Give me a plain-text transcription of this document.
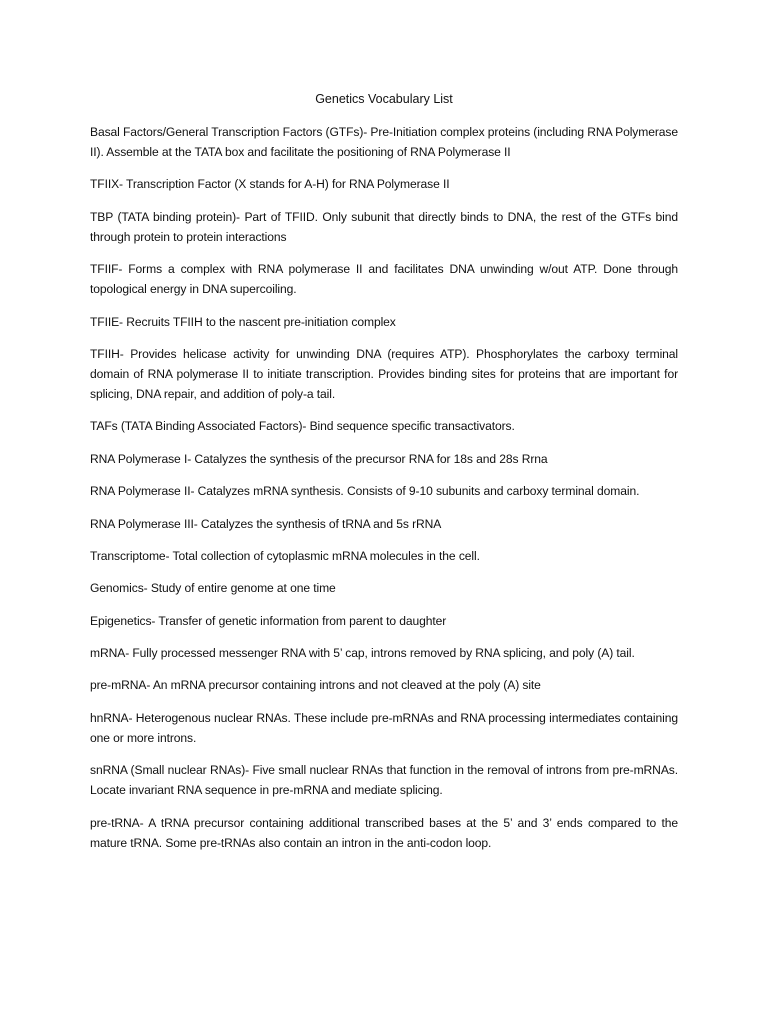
Genetics Vocabulary List
Basal Factors/General Transcription Factors (GTFs)- Pre-Initiation complex proteins (including RNA Polymerase II). Assemble at the TATA box and facilitate the positioning of RNA Polymerase II
TFIIX- Transcription Factor (X stands for A-H) for RNA Polymerase II
TBP (TATA binding protein)- Part of TFIID. Only subunit that directly binds to DNA, the rest of the GTFs bind through protein to protein interactions
TFIIF- Forms a complex with RNA polymerase II and facilitates DNA unwinding w/out ATP. Done through topological energy in DNA supercoiling.
TFIIE- Recruits TFIIH to the nascent pre-initiation complex
TFIIH- Provides helicase activity for unwinding DNA (requires ATP). Phosphorylates the carboxy terminal domain of RNA polymerase II to initiate transcription. Provides binding sites for proteins that are important for splicing, DNA repair, and addition of poly-a tail.
TAFs (TATA Binding Associated Factors)- Bind sequence specific transactivators.
RNA Polymerase I- Catalyzes the synthesis of the precursor RNA for 18s and 28s Rrna
RNA Polymerase II- Catalyzes mRNA synthesis. Consists of 9-10 subunits and carboxy terminal domain.
RNA Polymerase III- Catalyzes the synthesis of tRNA and 5s rRNA
Transcriptome- Total collection of cytoplasmic mRNA molecules in the cell.
Genomics- Study of entire genome at one time
Epigenetics- Transfer of genetic information from parent to daughter
mRNA- Fully processed messenger RNA with 5’ cap, introns removed by RNA splicing, and poly (A) tail.
pre-mRNA- An mRNA precursor containing introns and not cleaved at the poly (A) site
hnRNA- Heterogenous nuclear RNAs. These include pre-mRNAs and RNA processing intermediates containing one or more introns.
snRNA (Small nuclear RNAs)- Five small nuclear RNAs that function in the removal of introns from pre-mRNAs. Locate invariant RNA sequence in pre-mRNA and mediate splicing.
pre-tRNA- A tRNA precursor containing additional transcribed bases at the 5’ and 3’ ends compared to the mature tRNA. Some pre-tRNAs also contain an intron in the anti-codon loop.
